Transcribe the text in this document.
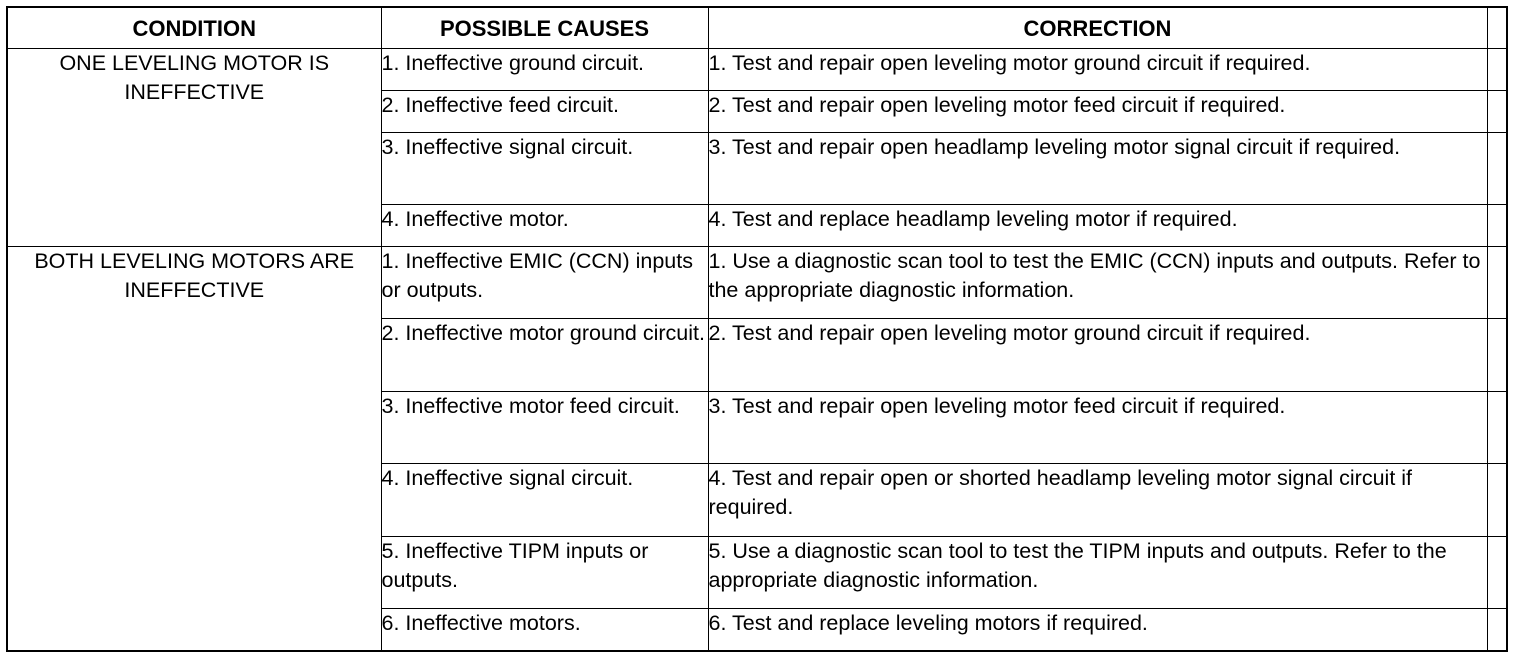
CONDITION	POSSIBLE CAUSES	CORRECTION	
ONE LEVELING MOTOR IS INEFFECTIVE	1. Ineffective ground circuit.	1. Test and repair open leveling motor ground circuit if required.	
	2. Ineffective feed circuit.	2. Test and repair open leveling motor feed circuit if required.	
	3. Ineffective signal circuit.	3. Test and repair open headlamp leveling motor signal circuit if required.	
	4. Ineffective motor.	4. Test and replace headlamp leveling motor if required.	
BOTH LEVELING MOTORS ARE INEFFECTIVE	1. Ineffective EMIC (CCN) inputs or outputs.	1. Use a diagnostic scan tool to test the EMIC (CCN) inputs and outputs. Refer to the appropriate diagnostic information.	
	2. Ineffective motor ground circuit.	2. Test and repair open leveling motor ground circuit if required.	
	3. Ineffective motor feed circuit.	3. Test and repair open leveling motor feed circuit if required.	
	4. Ineffective signal circuit.	4. Test and repair open or shorted headlamp leveling motor signal circuit if required.	
	5. Ineffective TIPM inputs or outputs.	5. Use a diagnostic scan tool to test the TIPM inputs and outputs. Refer to the appropriate diagnostic information.	
	6. Ineffective motors.	6. Test and replace leveling motors if required.	
